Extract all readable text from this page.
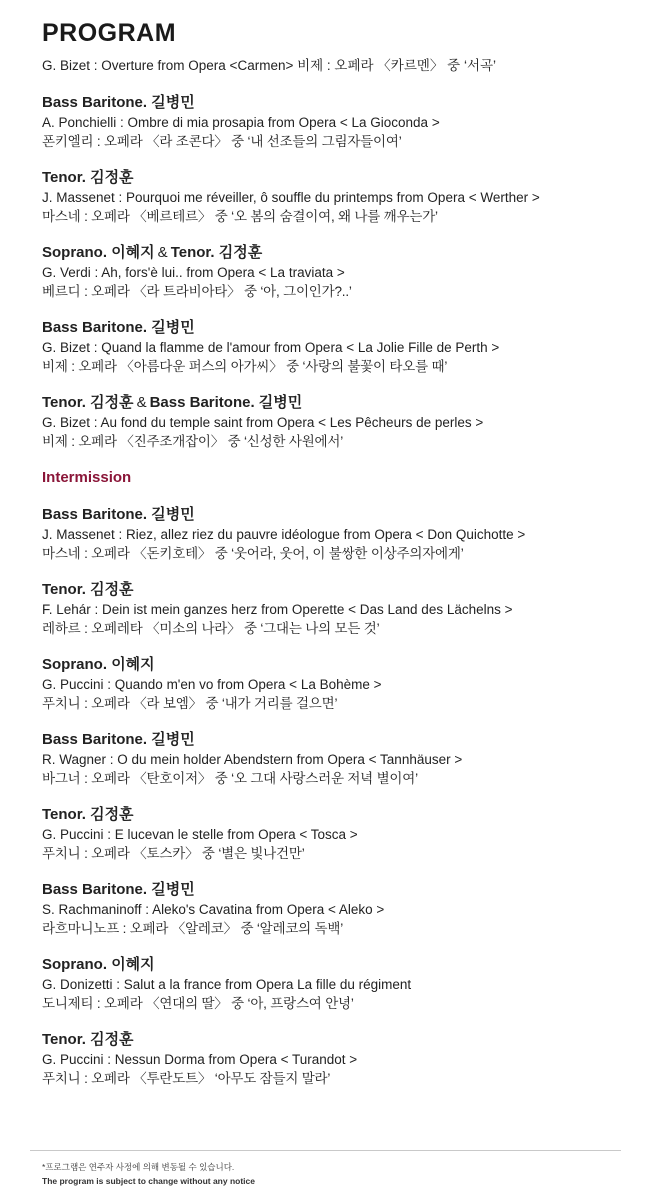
PROGRAM
G. Bizet : Overture from Opera <Carmen> 비제 : 오페라 〈카르멘〉 중 ‘서곡’
Bass Baritone. 길병민
A. Ponchielli : Ombre di mia prosapia from Opera < La Gioconda >
폰키엘리 : 오페라 〈라 조콘다〉 중 ‘내 선조들의 그림자들이여’
Tenor. 김정훈
J. Massenet : Pourquoi me réveiller, ô souffle du printemps from Opera < Werther >
마스네 : 오페라 〈베르테르〉 중 ‘오 봄의 숨결이여, 왜 나를 깨우는가’
Soprano. 이혜지 & Tenor. 김정훈
G. Verdi : Ah, fors'è lui.. from Opera < La traviata >
베르디 : 오페라 〈라 트라비아타〉 중 ‘아, 그이인가?..’
Bass Baritone. 길병민
G. Bizet : Quand la flamme de l'amour from Opera < La Jolie Fille de Perth >
비제 : 오페라 〈아름다운 퍼스의 아가씨〉 중 ‘사랑의 불꽃이 타오를 때’
Tenor. 김정훈 & Bass Baritone. 길병민
G. Bizet : Au fond du temple saint from Opera < Les Pêcheurs de perles >
비제 : 오페라 〈진주조개잡이〉 중 ‘신성한 사원에서’
Intermission
Bass Baritone. 길병민
J. Massenet : Riez, allez riez du pauvre idéologue from Opera < Don Quichotte >
마스네 : 오페라 〈돈키호테〉 중 ‘웃어라, 웃어, 이 불쌍한 이상주의자에게’
Tenor. 김정훈
F. Lehár : Dein ist mein ganzes herz from Operette < Das Land des Lächelns >
레하르 : 오페레타 〈미소의 나라〉 중 ‘그대는 나의 모든 것’
Soprano. 이혜지
G. Puccini : Quando m'en vo from Opera < La Bohème >
푸치니 : 오페라 〈라 보엠〉 중 ‘내가 거리를 걸으면’
Bass Baritone. 길병민
R. Wagner : O du mein holder Abendstern from Opera < Tannhäuser >
바그너 : 오페라 〈탄호이저〉 중 ‘오 그대 사랑스러운 저녁 별이여’
Tenor. 김정훈
G. Puccini : E lucevan le stelle from Opera < Tosca >
푸치니 : 오페라 〈토스카〉 중 ‘별은 빛나건만’
Bass Baritone. 길병민
S. Rachmaninoff : Aleko's Cavatina from Opera < Aleko >
라흐마니노프 : 오페라 〈알레코〉 중 ‘알레코의 독백’
Soprano. 이혜지
G. Donizetti : Salut a la france from Opera La fille du régiment
도니제티 : 오페라 〈연대의 딸〉 중 ‘아, 프랑스여 안녕’
Tenor. 김정훈
G. Puccini : Nessun Dorma from Opera < Turandot >
푸치니 : 오페라 〈투란도트〉 ‘아무도 잠들지 말라’
*프로그램은 연주자 사정에 의해 변동될 수 있습니다.
The program is subject to change without any notice
